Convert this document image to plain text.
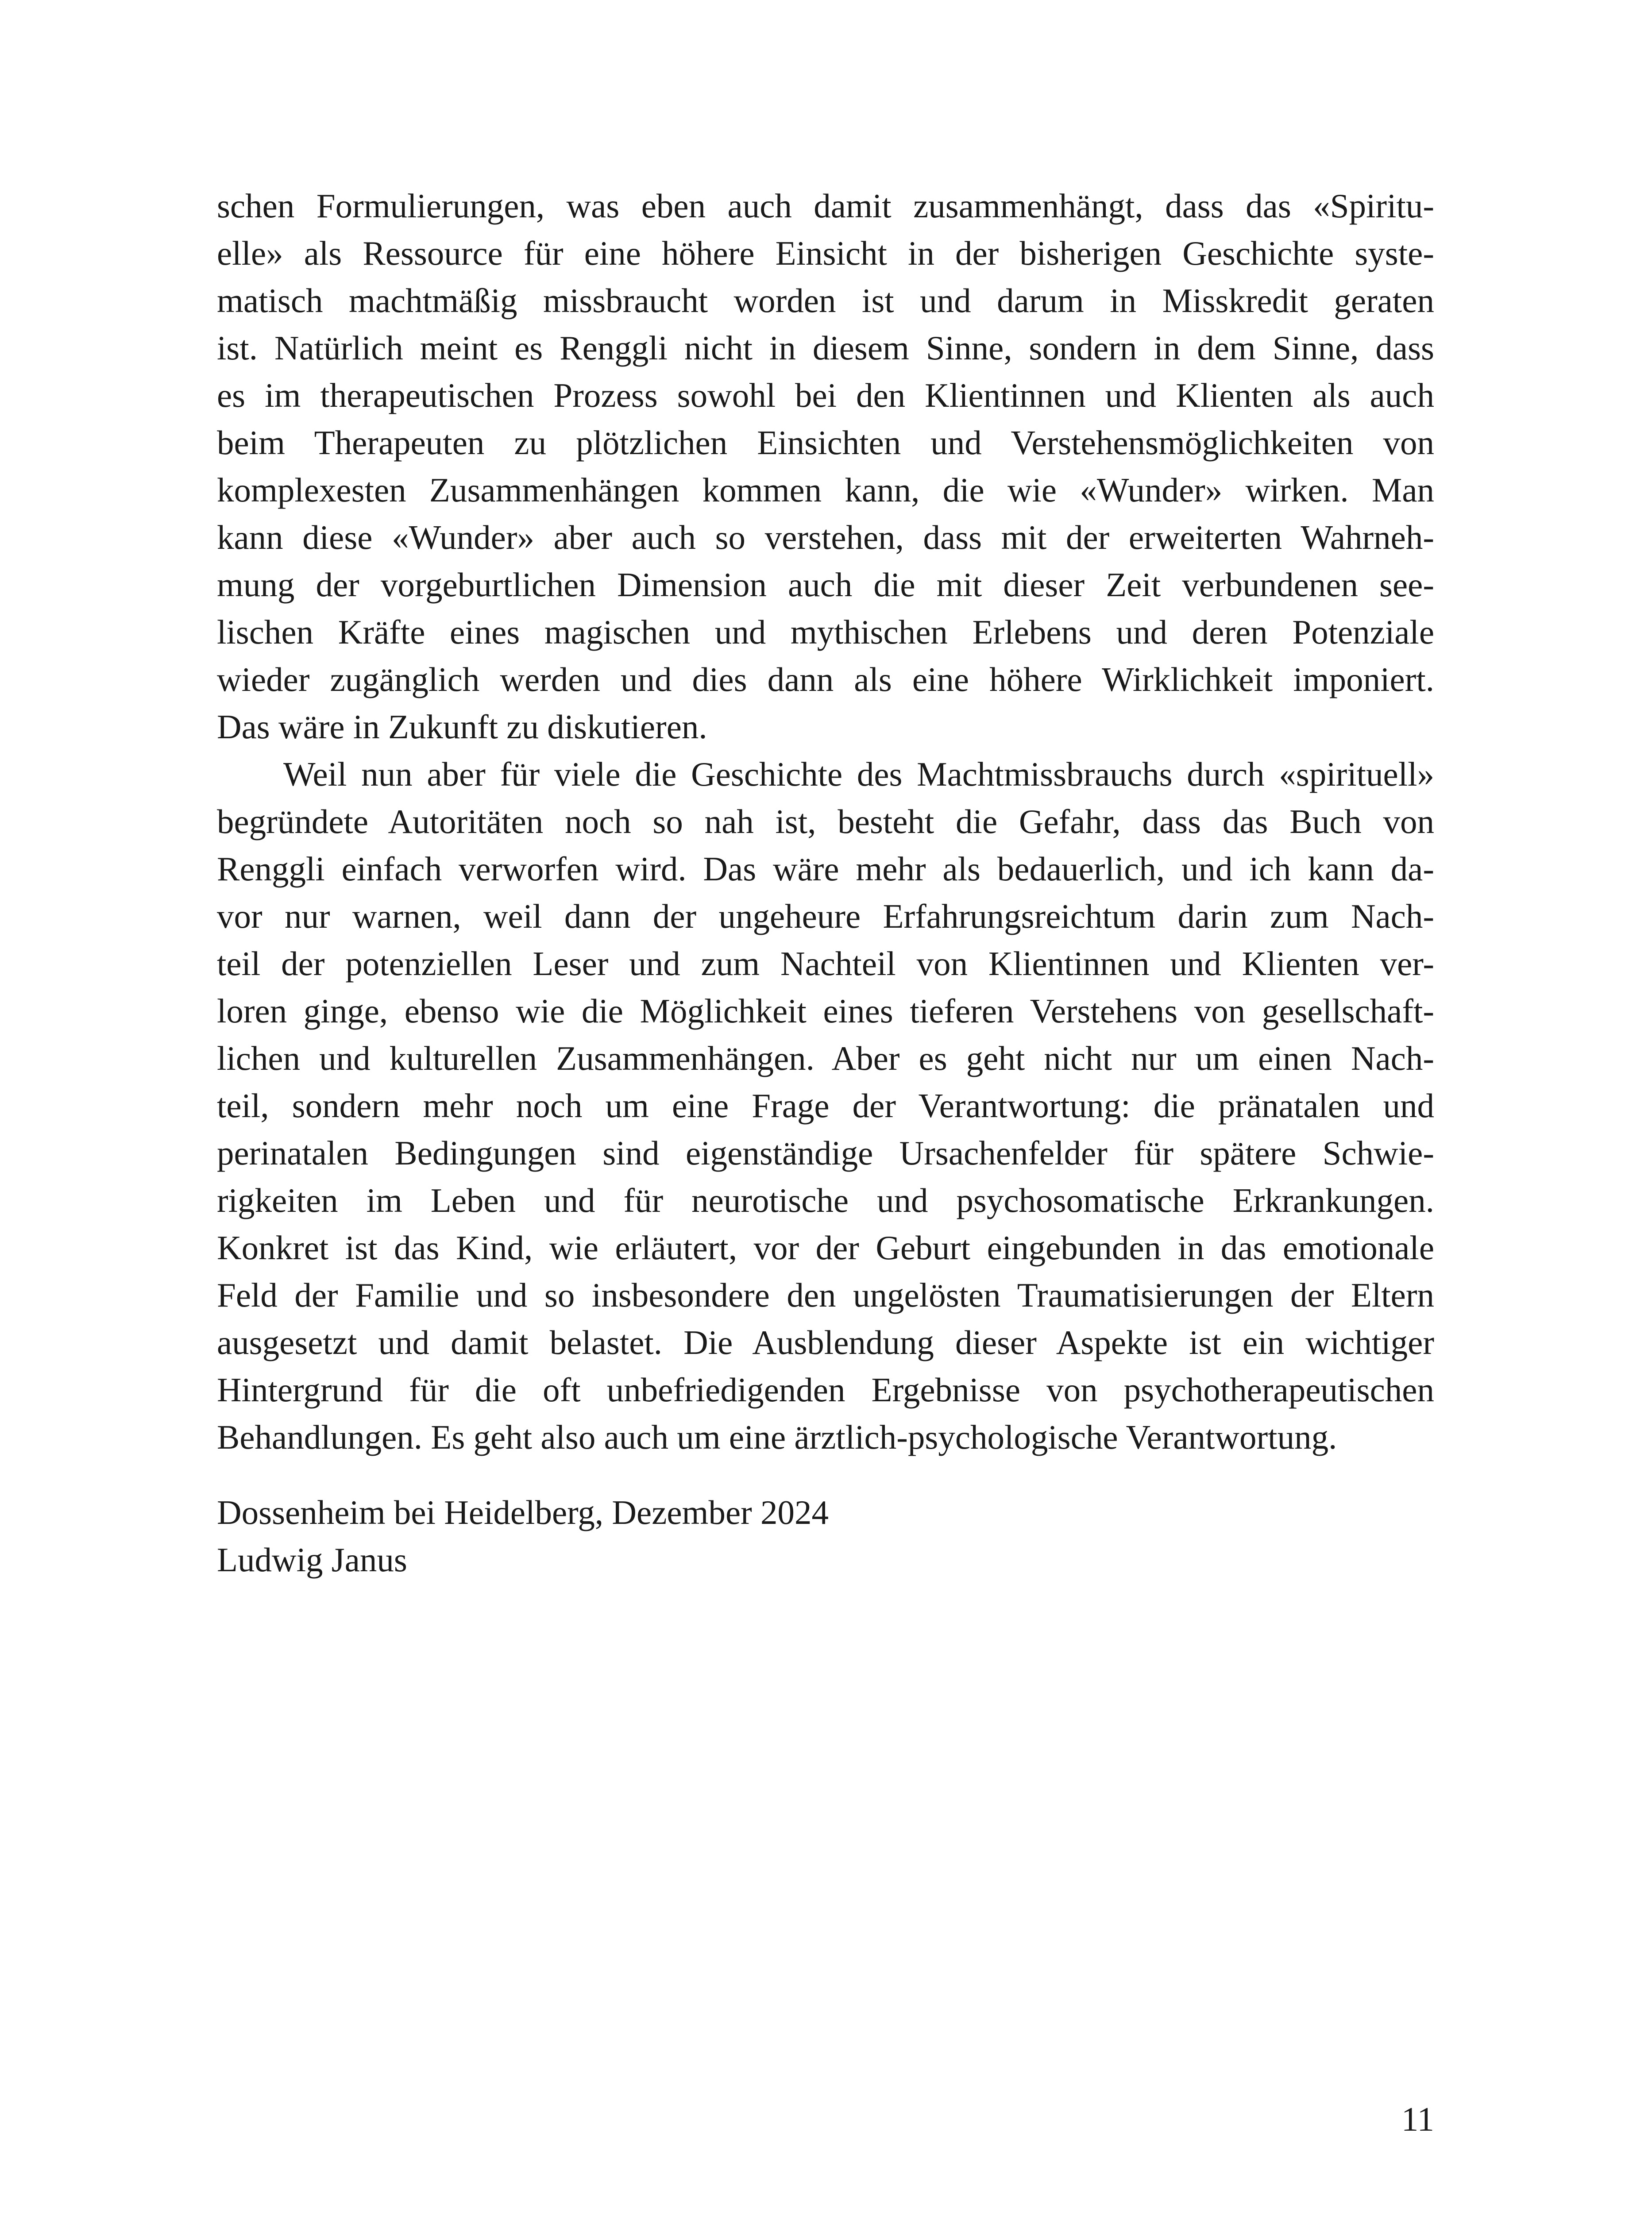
schen Formulierungen, was eben auch damit zusammenhängt, dass das «Spiritu-
elle» als Ressource für eine höhere Einsicht in der bisherigen Geschichte syste-
matisch machtmäßig missbraucht worden ist und darum in Misskredit geraten
ist. Natürlich meint es Renggli nicht in diesem Sinne, sondern in dem Sinne, dass
es im therapeutischen Prozess sowohl bei den Klientinnen und Klienten als auch
beim Therapeuten zu plötzlichen Einsichten und Verstehensmöglichkeiten von
komplexesten Zusammenhängen kommen kann, die wie «Wunder» wirken. Man
kann diese «Wunder» aber auch so verstehen, dass mit der erweiterten Wahrneh-
mung der vorgeburtlichen Dimension auch die mit dieser Zeit verbundenen see-
lischen Kräfte eines magischen und mythischen Erlebens und deren Potenziale
wieder zugänglich werden und dies dann als eine höhere Wirklichkeit imponiert.
Das wäre in Zukunft zu diskutieren.
Weil nun aber für viele die Geschichte des Machtmissbrauchs durch «spirituell»
begründete Autoritäten noch so nah ist, besteht die Gefahr, dass das Buch von
Renggli einfach verworfen wird. Das wäre mehr als bedauerlich, und ich kann da-
vor nur warnen, weil dann der ungeheure Erfahrungsreichtum darin zum Nach-
teil der potenziellen Leser und zum Nachteil von Klientinnen und Klienten ver-
loren ginge, ebenso wie die Möglichkeit eines tieferen Verstehens von gesellschaft-
lichen und kulturellen Zusammenhängen. Aber es geht nicht nur um einen Nach-
teil, sondern mehr noch um eine Frage der Verantwortung: die pränatalen und
perinatalen Bedingungen sind eigenständige Ursachenfelder für spätere Schwie-
rigkeiten im Leben und für neurotische und psychosomatische Erkrankungen.
Konkret ist das Kind, wie erläutert, vor der Geburt eingebunden in das emotionale
Feld der Familie und so insbesondere den ungelösten Traumatisierungen der Eltern
ausgesetzt und damit belastet. Die Ausblendung dieser Aspekte ist ein wichtiger
Hintergrund für die oft unbefriedigenden Ergebnisse von psychotherapeutischen
Behandlungen. Es geht also auch um eine ärztlich-psychologische Verantwortung.
Dossenheim bei Heidelberg, Dezember 2024
Ludwig Janus
11
